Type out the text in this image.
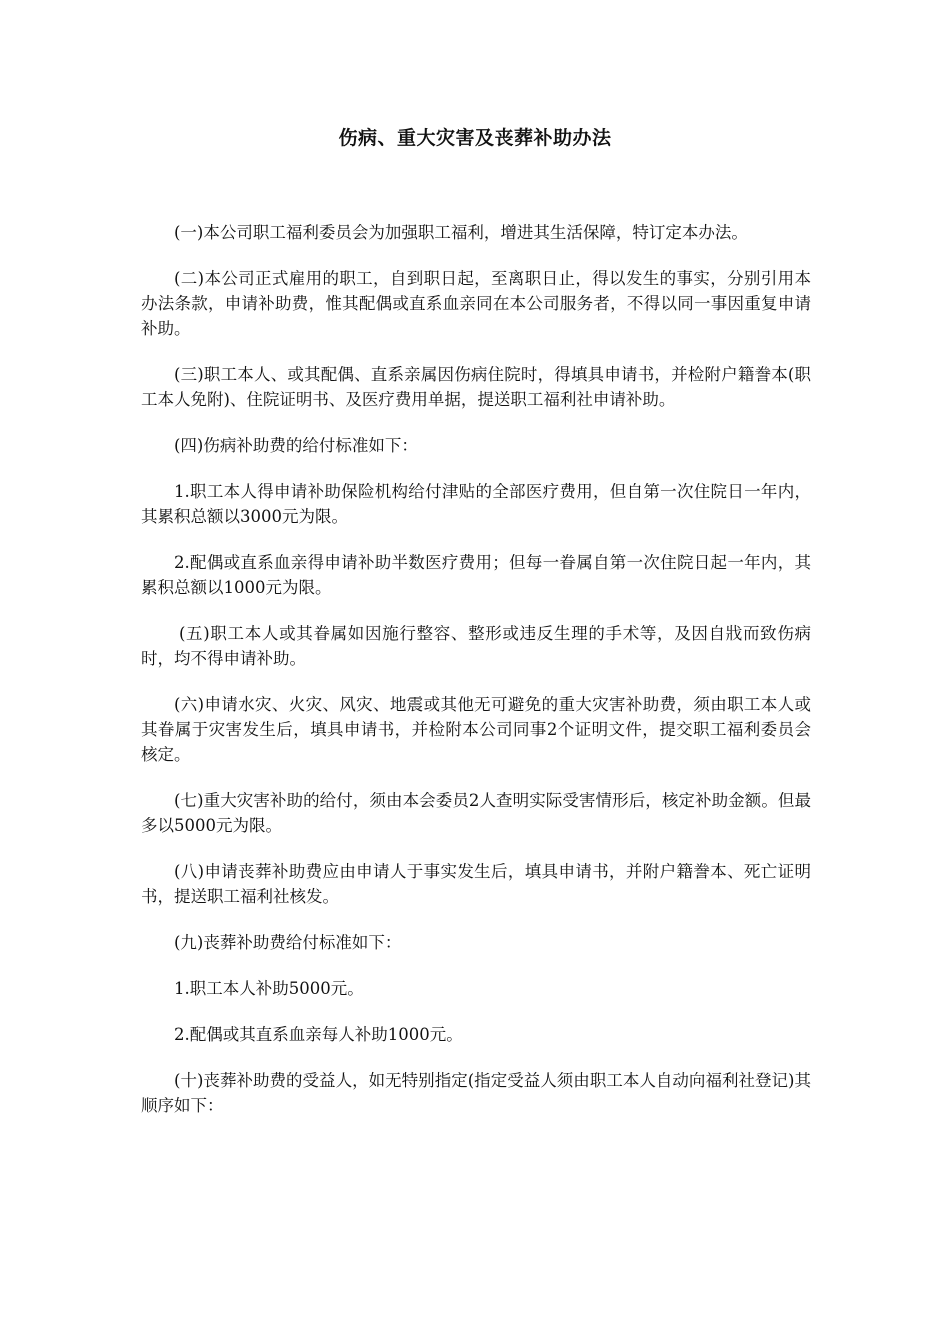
伤病、重大灾害及丧葬补助办法

(一)本公司职工福利委员会为加强职工福利，增进其生活保障，特订定本办法。

(二)本公司正式雇用的职工，自到职日起，至离职日止，得以发生的事实，分别引用本办法条款，申请补助费，惟其配偶或直系血亲同在本公司服务者，不得以同一事因重复申请补助。

(三)职工本人、或其配偶、直系亲属因伤病住院时，得填具申请书，并检附户籍誊本(职工本人免附)、住院证明书、及医疗费用单据，提送职工福利社申请补助。

(四)伤病补助费的给付标准如下：

1.职工本人得申请补助保险机构给付津贴的全部医疗费用，但自第一次住院日一年内，其累积总额以3000元为限。

2.配偶或直系血亲得申请补助半数医疗费用；但每一眷属自第一次住院日起一年内，其累积总额以1000元为限。

(五)职工本人或其眷属如因施行整容、整形或违反生理的手术等，及因自戕而致伤病时，均不得申请补助。

(六)申请水灾、火灾、风灾、地震或其他无可避免的重大灾害补助费，须由职工本人或其眷属于灾害发生后，填具申请书，并检附本公司同事2个证明文件，提交职工福利委员会核定。

(七)重大灾害补助的给付，须由本会委员2人查明实际受害情形后，核定补助金额。但最多以5000元为限。

(八)申请丧葬补助费应由申请人于事实发生后，填具申请书，并附户籍誊本、死亡证明书，提送职工福利社核发。

(九)丧葬补助费给付标准如下：

1.职工本人补助5000元。

2.配偶或其直系血亲每人补助1000元。

(十)丧葬补助费的受益人，如无特别指定(指定受益人须由职工本人自动向福利社登记)其顺序如下：
